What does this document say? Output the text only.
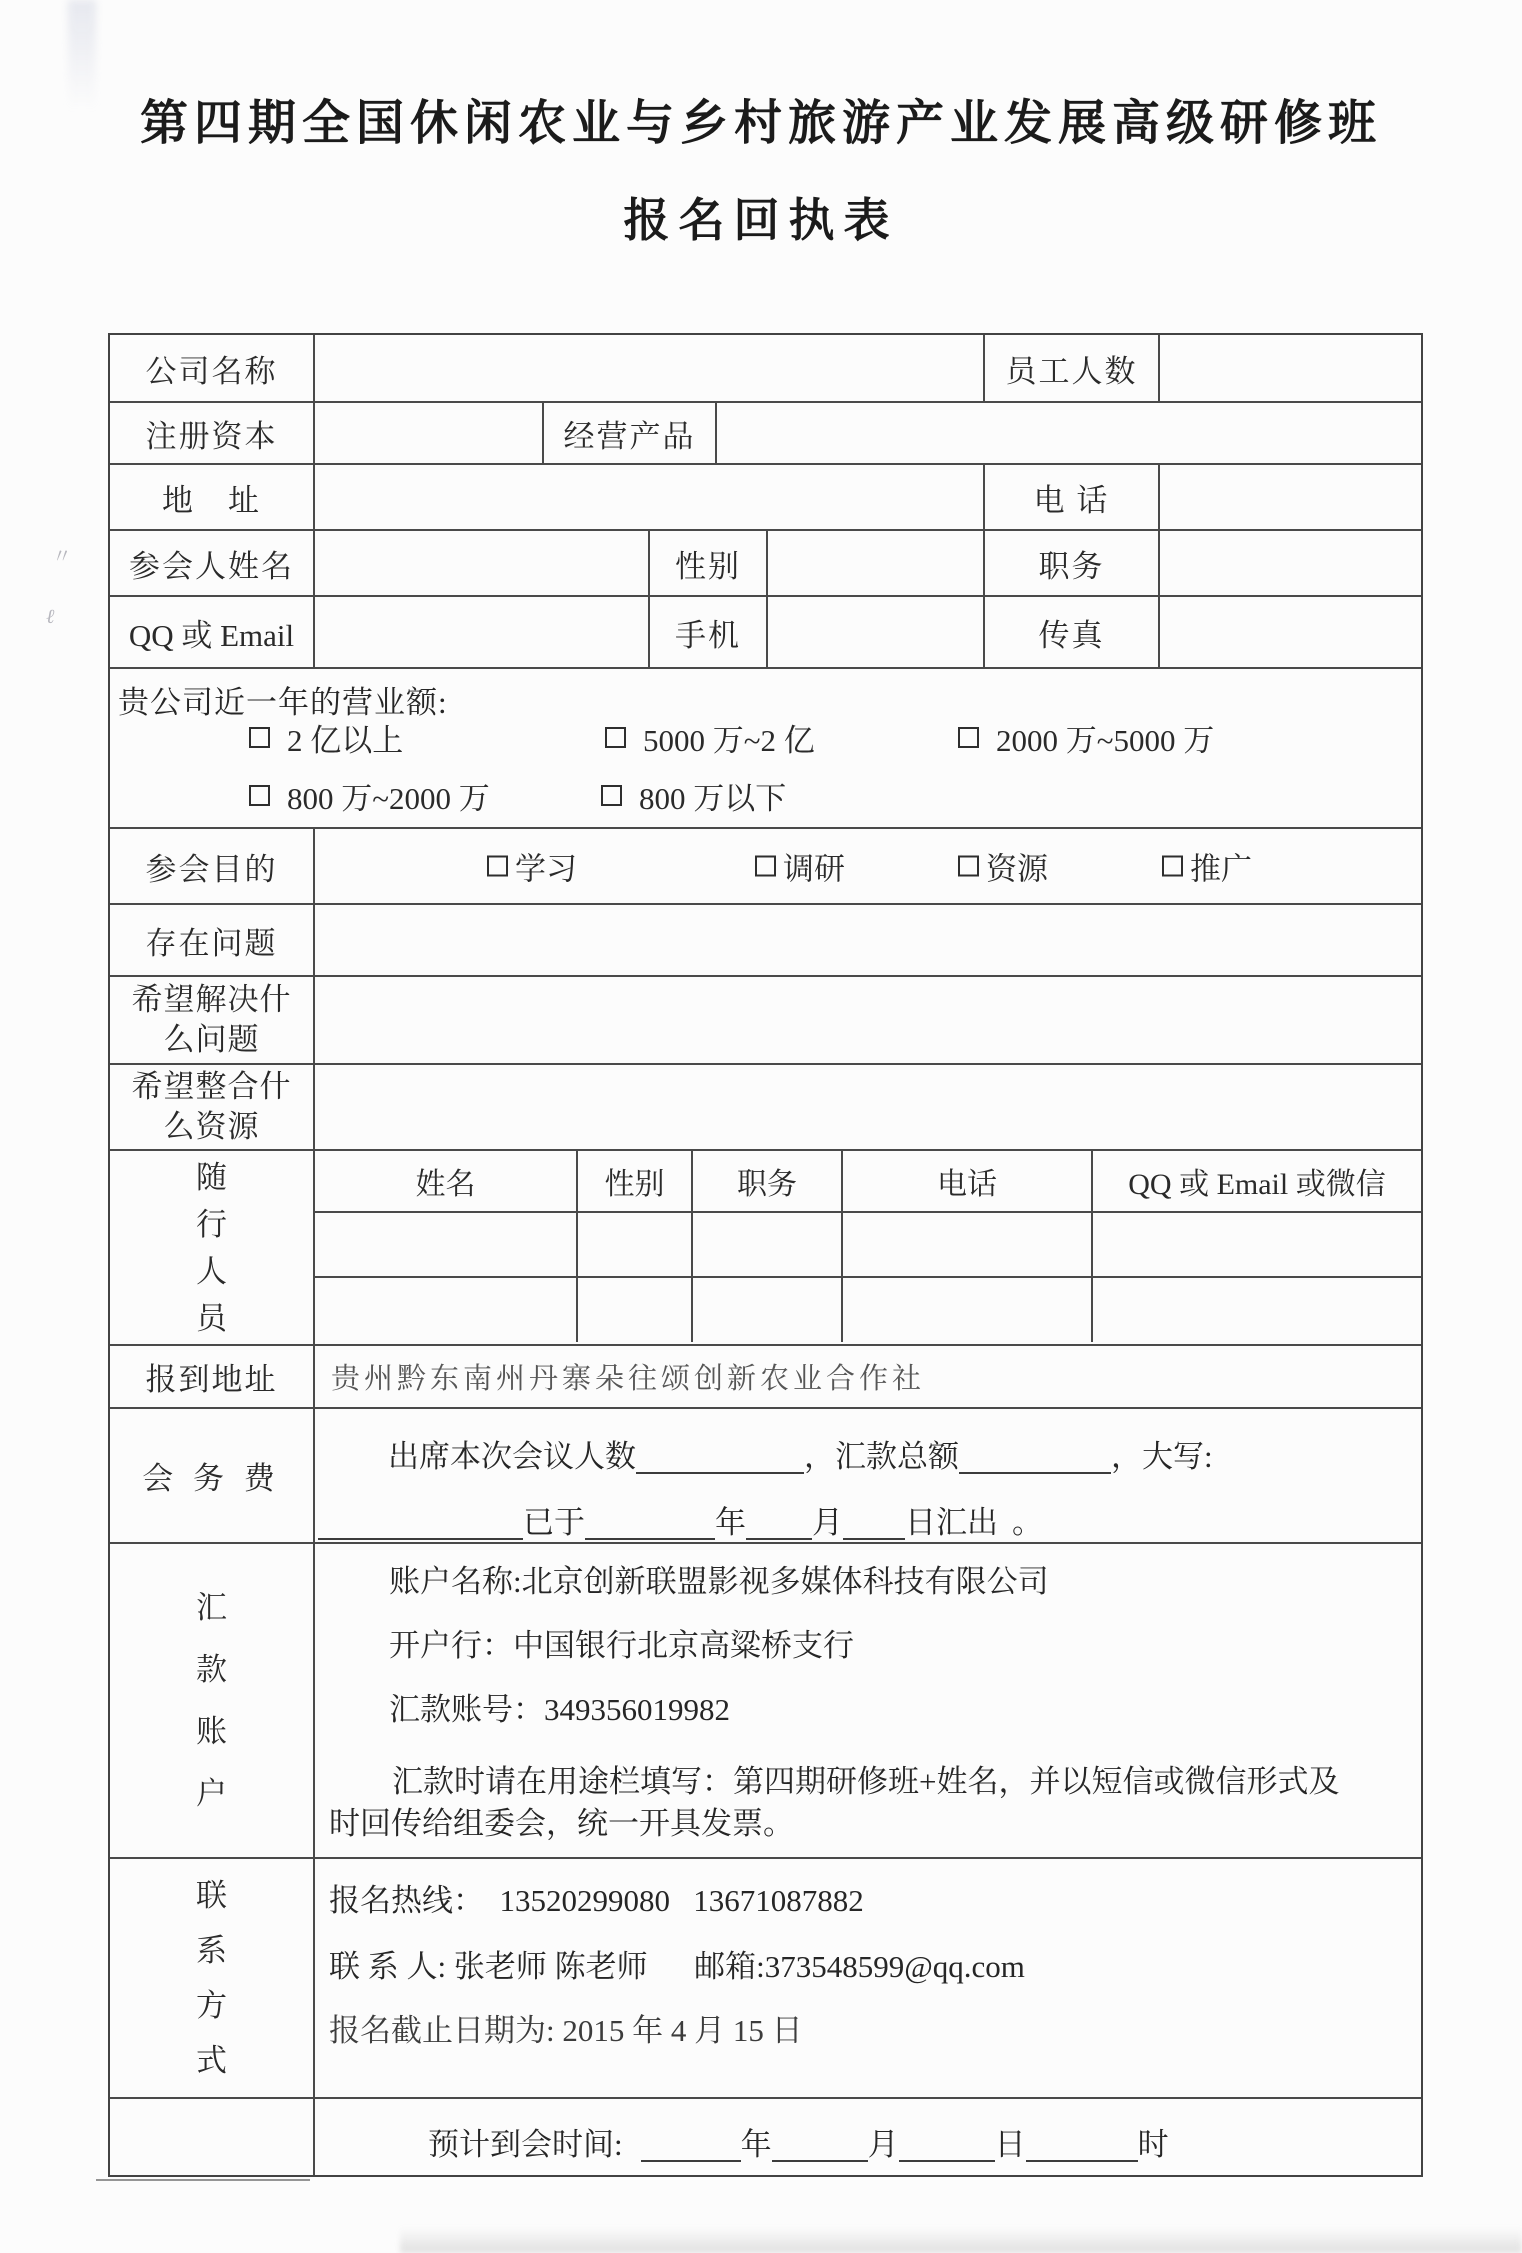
第四期全国休闲农业与乡村旅游产业发展高级研修班
报名回执表
〃
ℓ
公司名称	员工人数
注册资本	经营产品
地　址	电 话
参会人姓名	性别	职务
QQ 或 Email	手机	传真
贵公司近一年的营业额:
2 亿以上	5000 万~2 亿	2000 万~5000 万
800 万~2000 万	800 万以下
参会目的	学习	调研	资源	推广
存在问题
希望解决什么问题
希望整合什么资源
随行人员
姓名	性别	职务	电话	QQ 或 Email 或微信
报到地址	贵州黔东南州丹寨朵往颂创新农业合作社
会 务 费
出席本次会议人数	，汇款总额	，大写:
已于	年 月 日汇出 。
汇款账户
账户名称:北京创新联盟影视多媒体科技有限公司
开户行：中国银行北京高粱桥支行
汇款账号：349356019982
汇款时请在用途栏填写：第四期研修班+姓名，并以短信或微信形式及
时回传给组委会，统一开具发票。
联系方式
报名热线：  13520299080   13671087882
联 系 人: 张老师 陈老师      邮箱:373548599@qq.com
报名截止日期为: 2015 年 4 月 15 日
预计到会时间:	年	月	日	时
